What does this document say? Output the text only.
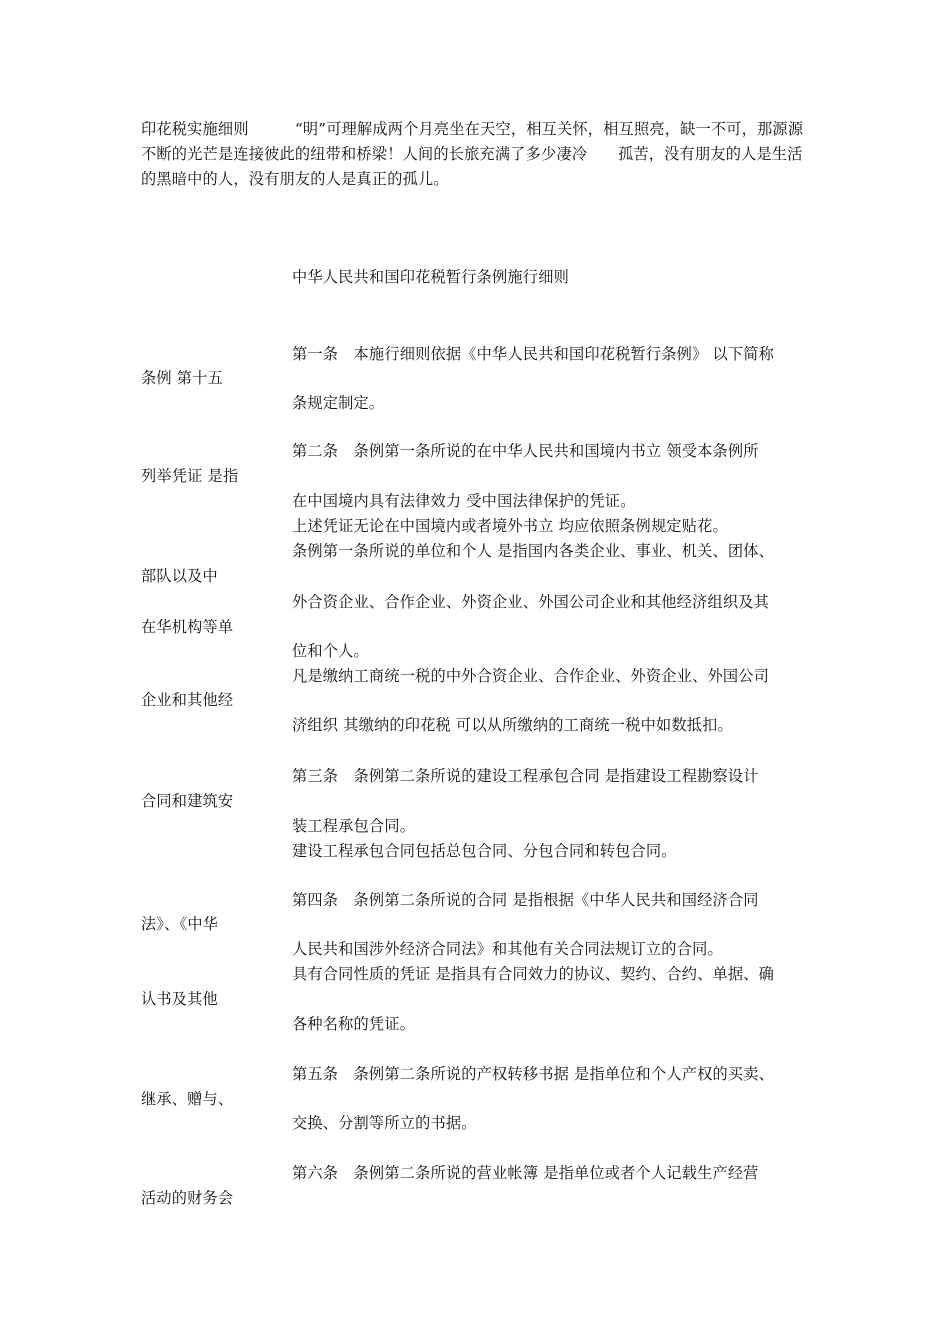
印花税实施细则　　　“明”可理解成两个月亮坐在天空，相互关怀，相互照亮，缺一不可，那源源不断的光芒是连接彼此的纽带和桥梁！人间的长旅充满了多少凄冷　　孤苦，没有朋友的人是生活的黑暗中的人，没有朋友的人是真正的孤儿。
中华人民共和国印花税暂行条例施行细则
第一条　本施行细则依据《中华人民共和国印花税暂行条例》 以下简称
条规定制定。
第二条　条例第一条所说的在中华人民共和国境内书立 领受本条例所
在中国境内具有法律效力 受中国法律保护的凭证。
上述凭证无论在中国境内或者境外书立 均应依照条例规定贴花。
条例第一条所说的单位和个人 是指国内各类企业、事业、机关、团体、
外合资企业、合作企业、外资企业、外国公司企业和其他经济组织及其
位和个人。
凡是缴纳工商统一税的中外合资企业、合作企业、外资企业、外国公司
济组织 其缴纳的印花税 可以从所缴纳的工商统一税中如数抵扣。
第三条　条例第二条所说的建设工程承包合同 是指建设工程勘察设计
装工程承包合同。
建设工程承包合同包括总包合同、分包合同和转包合同。
第四条　条例第二条所说的合同 是指根据《中华人民共和国经济合同
人民共和国涉外经济合同法》和其他有关合同法规订立的合同。
具有合同性质的凭证 是指具有合同效力的协议、契约、合约、单据、确
各种名称的凭证。
第五条　条例第二条所说的产权转移书据 是指单位和个人产权的买卖、
交换、分割等所立的书据。
第六条　条例第二条所说的营业帐簿 是指单位或者个人记载生产经营
条例 第十五
列举凭证 是指
部队以及中
在华机构等单
企业和其他经
合同和建筑安
法》、《中华
认书及其他
继承、赠与、
活动的财务会
